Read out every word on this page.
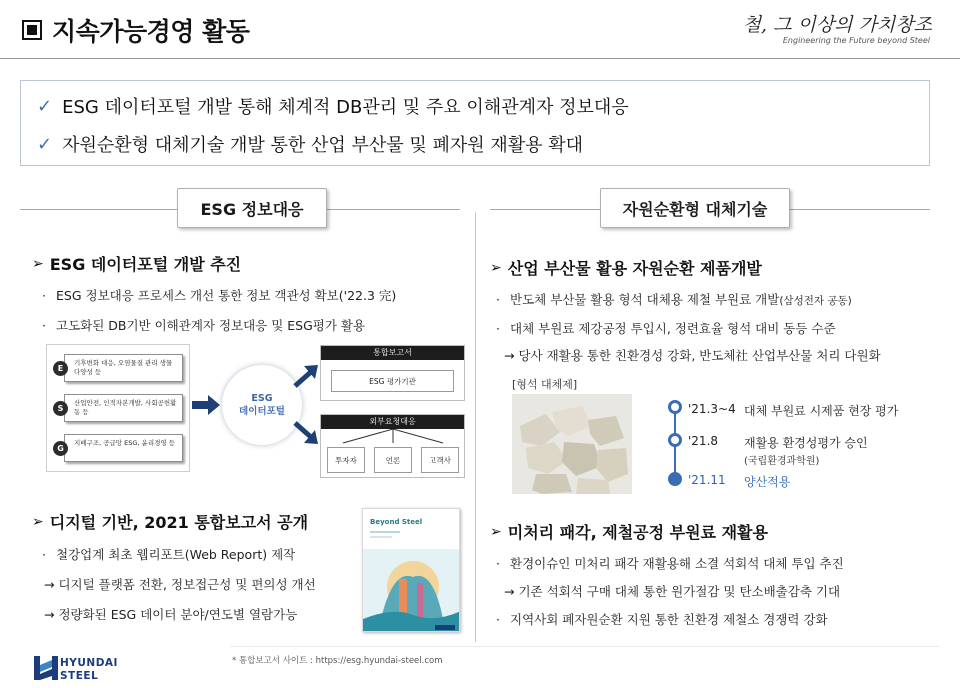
지속가능경영 활동	철, 그 이상의 가치창조
Engineering the Future beyond Steel
✓ ESG 데이터포털 개발 통해 체계적 DB관리 및 주요 이해관계자 정보대응
✓ 자원순환형 대체기술 개발 통한 산업 부산물 및 폐자원 재활용 확대
ESG 정보대응	자원순환형 대체기술
➢ ESG 데이터포털 개발 추진
· ESG 정보대응 프로세스 개선 통한 정보 객관성 확보('22.3 完)
· 고도화된 DB기반 이해관계자 정보대응 및 ESG평가 활용
E
기후변화 대응, 오염물질 관리 생물다양성 등
S
산업안전, 인적자본개발, 사회공헌활동 등
G
지배구조, 공급망 ESG, 윤리경영 등
ESG
데이터포털
통합보고서
ESG 평가기관
외부요청대응
투자자	언론	고객사
➢ 디지털 기반, 2021 통합보고서 공개
· 철강업계 최초 웹리포트(Web Report) 제작
→ 디지털 플랫폼 전환, 정보접근성 및 편의성 개선
→ 정량화된 ESG 데이터 분야/연도별 열람가능
Beyond Steel
➢ 산업 부산물 활용 자원순환 제품개발
· 반도체 부산물 활용 형석 대체용 제철 부원료 개발(삼성전자 공동)
· 대체 부원료 제강공정 투입시, 정련효율 형석 대비 동등 수준
→ 당사 재활용 통한 친환경성 강화, 반도체社 산업부산물 처리 다원화
[형석 대체제]
'21.3~4 대체 부원료 시제품 현장 평가
'21.8 재활용 환경성평가 승인
(국립환경과학원)
'21.11 양산적용
➢ 미처리 패각, 제철공정 부원료 재활용
· 환경이슈인 미처리 패각 재활용해 소결 석회석 대체 투입 추진
→ 기존 석회석 구매 대체 통한 원가절감 및 탄소배출감축 기대
· 지역사회 폐자원순환 지원 통한 친환경 제철소 경쟁력 강화
* 통합보고서 사이트 : https://esg.hyundai-steel.com
HYUNDAI
STEEL
